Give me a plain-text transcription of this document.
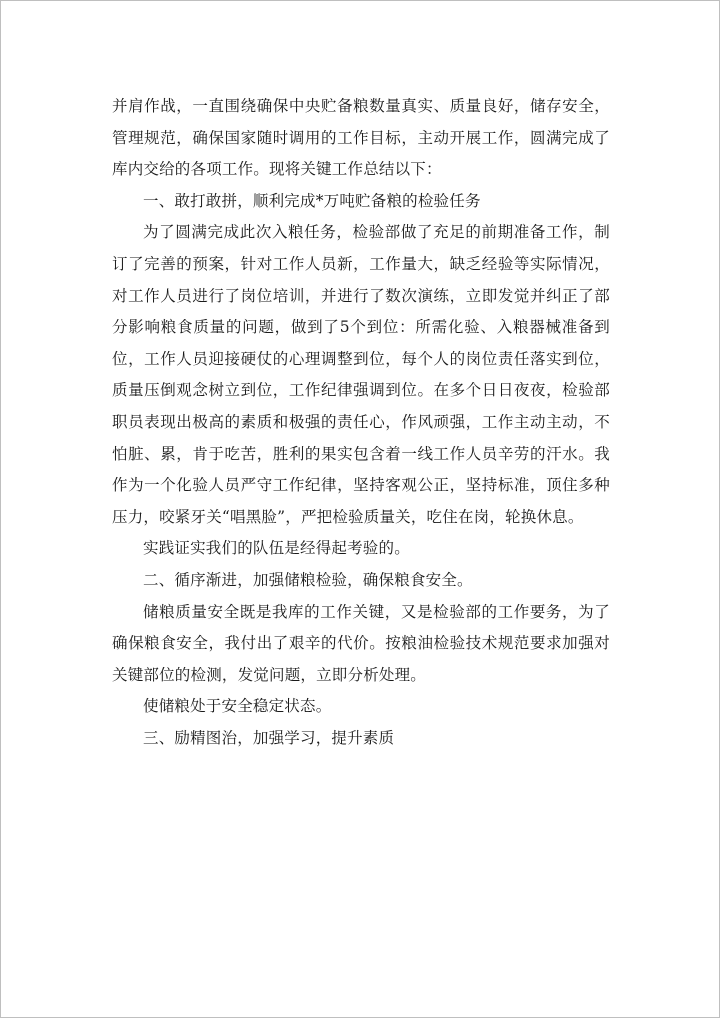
并肩作战，一直围绕确保中央贮备粮数量真实、质量良好，储存安全，管理规范，确保国家随时调用的工作目标，主动开展工作，圆满完成了库内交给的各项工作。现将关键工作总结以下：

一、敢打敢拼，顺利完成*万吨贮备粮的检验任务

为了圆满完成此次入粮任务，检验部做了充足的前期准备工作，制订了完善的预案，针对工作人员新，工作量大，缺乏经验等实际情况，对工作人员进行了岗位培训，并进行了数次演练，立即发觉并纠正了部分影响粮食质量的问题，做到了5个到位：所需化验、入粮器械准备到位，工作人员迎接硬仗的心理调整到位，每个人的岗位责任落实到位，质量压倒观念树立到位，工作纪律强调到位。在多个日日夜夜，检验部职员表现出极高的素质和极强的责任心，作风顽强，工作主动主动，不怕脏、累，肯于吃苦，胜利的果实包含着一线工作人员辛劳的汗水。我作为一个化验人员严守工作纪律，坚持客观公正，坚持标准，顶住多种压力，咬紧牙关“唱黑脸”，严把检验质量关，吃住在岗，轮换休息。

实践证实我们的队伍是经得起考验的。

二、循序渐进，加强储粮检验，确保粮食安全。

储粮质量安全既是我库的工作关键，又是检验部的工作要务，为了确保粮食安全，我付出了艰辛的代价。按粮油检验技术规范要求加强对关键部位的检测，发觉问题，立即分析处理。

使储粮处于安全稳定状态。

三、励精图治，加强学习，提升素质
